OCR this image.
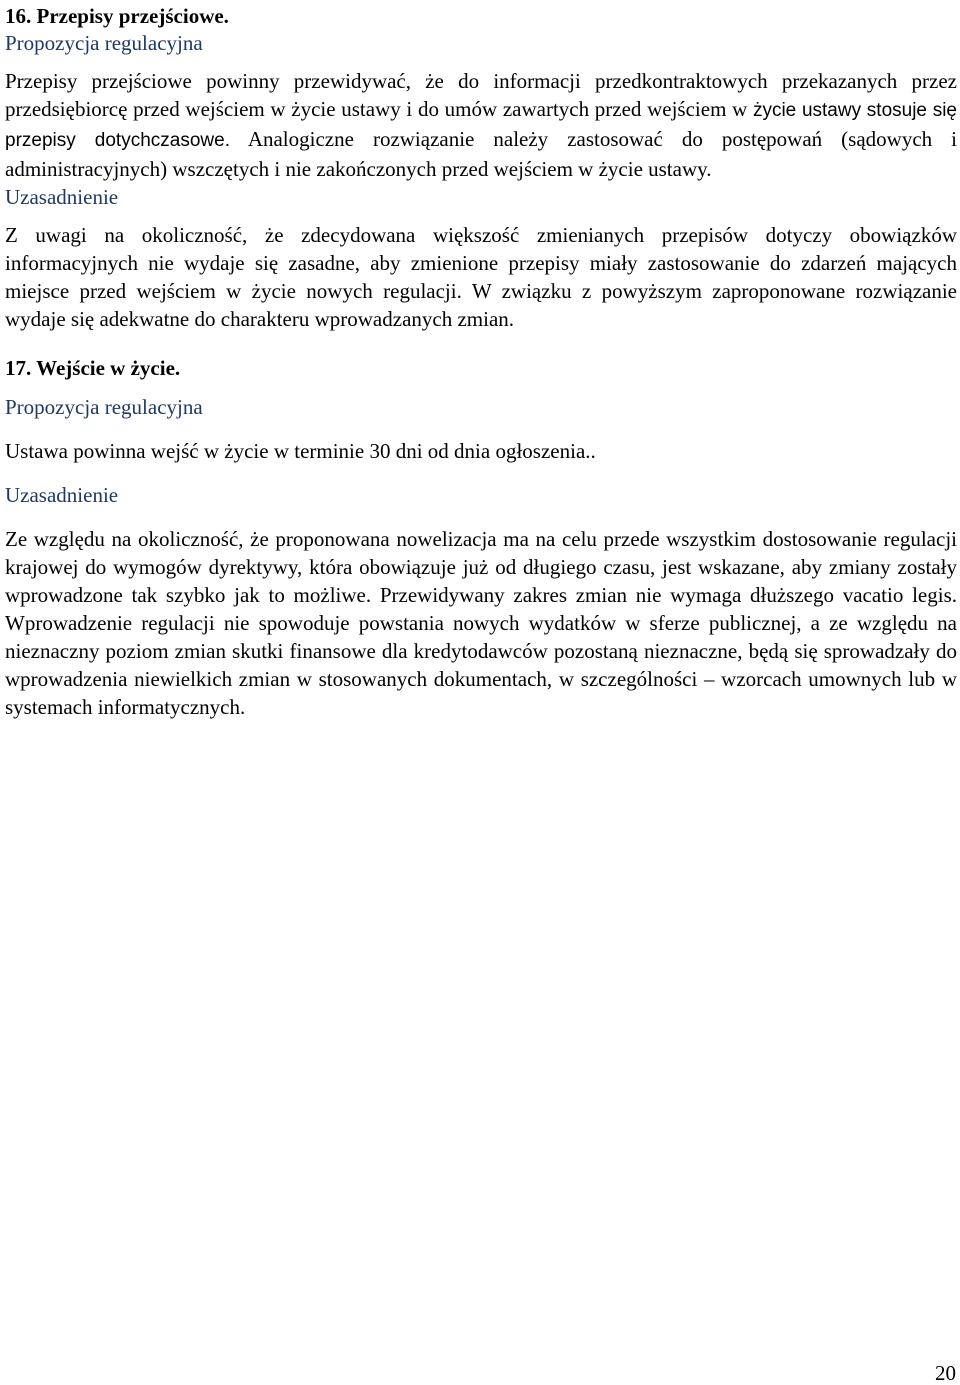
16. Przepisy przejściowe.

Propozycja regulacyjna

Przepisy przejściowe powinny przewidywać, że do informacji przedkontraktowych przekazanych przez przedsiębiorcę przed wejściem w życie ustawy i do umów zawartych przed wejściem w życie ustawy stosuje się przepisy dotychczasowe. Analogiczne rozwiązanie należy zastosować do postępowań (sądowych i administracyjnych) wszczętych i nie zakończonych przed wejściem w życie ustawy.

Uzasadnienie

Z uwagi na okoliczność, że zdecydowana większość zmienianych przepisów dotyczy obowiązków informacyjnych nie wydaje się zasadne, aby zmienione przepisy miały zastosowanie do zdarzeń mających miejsce przed wejściem w życie nowych regulacji. W związku z powyższym zaproponowane rozwiązanie wydaje się adekwatne do charakteru wprowadzanych zmian.

17. Wejście w życie.

Propozycja regulacyjna

Ustawa powinna wejść w życie w terminie 30 dni od dnia ogłoszenia..

Uzasadnienie

Ze względu na okoliczność, że proponowana nowelizacja ma na celu przede wszystkim dostosowanie regulacji krajowej do wymogów dyrektywy, która obowiązuje już od długiego czasu, jest wskazane, aby zmiany zostały wprowadzone tak szybko jak to możliwe. Przewidywany zakres zmian nie wymaga dłuższego vacatio legis. Wprowadzenie regulacji nie spowoduje powstania nowych wydatków w sferze publicznej, a ze względu na nieznaczny poziom zmian skutki finansowe dla kredytodawców pozostaną nieznaczne, będą się sprowadzały do wprowadzenia niewielkich zmian w stosowanych dokumentach, w szczególności – wzorcach umownych lub w systemach informatycznych.

20
